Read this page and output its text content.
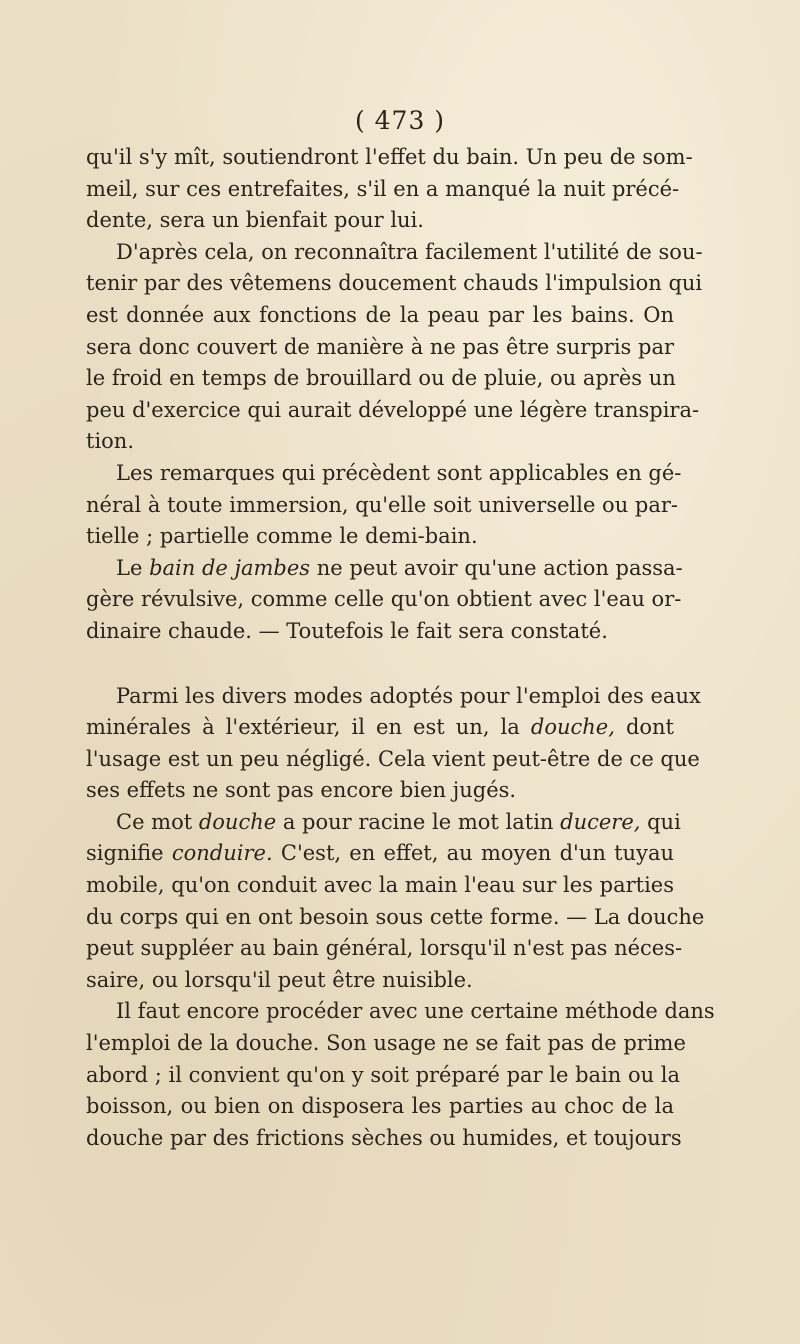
( 473 )

qu'il s'y mît, soutiendront l'effet du bain. Un peu de som-
meil, sur ces entrefaites, s'il en a manqué la nuit précé-
dente, sera un bienfait pour lui.

D'après cela, on reconnaîtra facilement l'utilité de sou-
tenir par des vêtemens doucement chauds l'impulsion qui
est donnée aux fonctions de la peau par les bains. On
sera donc couvert de manière à ne pas être surpris par
le froid en temps de brouillard ou de pluie, ou après un
peu d'exercice qui aurait développé une légère transpira-
tion.

Les remarques qui précèdent sont applicables en gé-
néral à toute immersion, qu'elle soit universelle ou par-
tielle ; partielle comme le demi-bain.

Le bain de jambes ne peut avoir qu'une action passa-
gère révulsive, comme celle qu'on obtient avec l'eau or-
dinaire chaude. — Toutefois le fait sera constaté.

Parmi les divers modes adoptés pour l'emploi des eaux
minérales à l'extérieur, il en est un, la douche, dont
l'usage est un peu négligé. Cela vient peut-être de ce que
ses effets ne sont pas encore bien jugés.

Ce mot douche a pour racine le mot latin ducere, qui
signifie conduire. C'est, en effet, au moyen d'un tuyau
mobile, qu'on conduit avec la main l'eau sur les parties
du corps qui en ont besoin sous cette forme. — La douche
peut suppléer au bain général, lorsqu'il n'est pas néces-
saire, ou lorsqu'il peut être nuisible.

Il faut encore procéder avec une certaine méthode dans
l'emploi de la douche. Son usage ne se fait pas de prime
abord ; il convient qu'on y soit préparé par le bain ou la
boisson, ou bien on disposera les parties au choc de la
douche par des frictions sèches ou humides, et toujours
